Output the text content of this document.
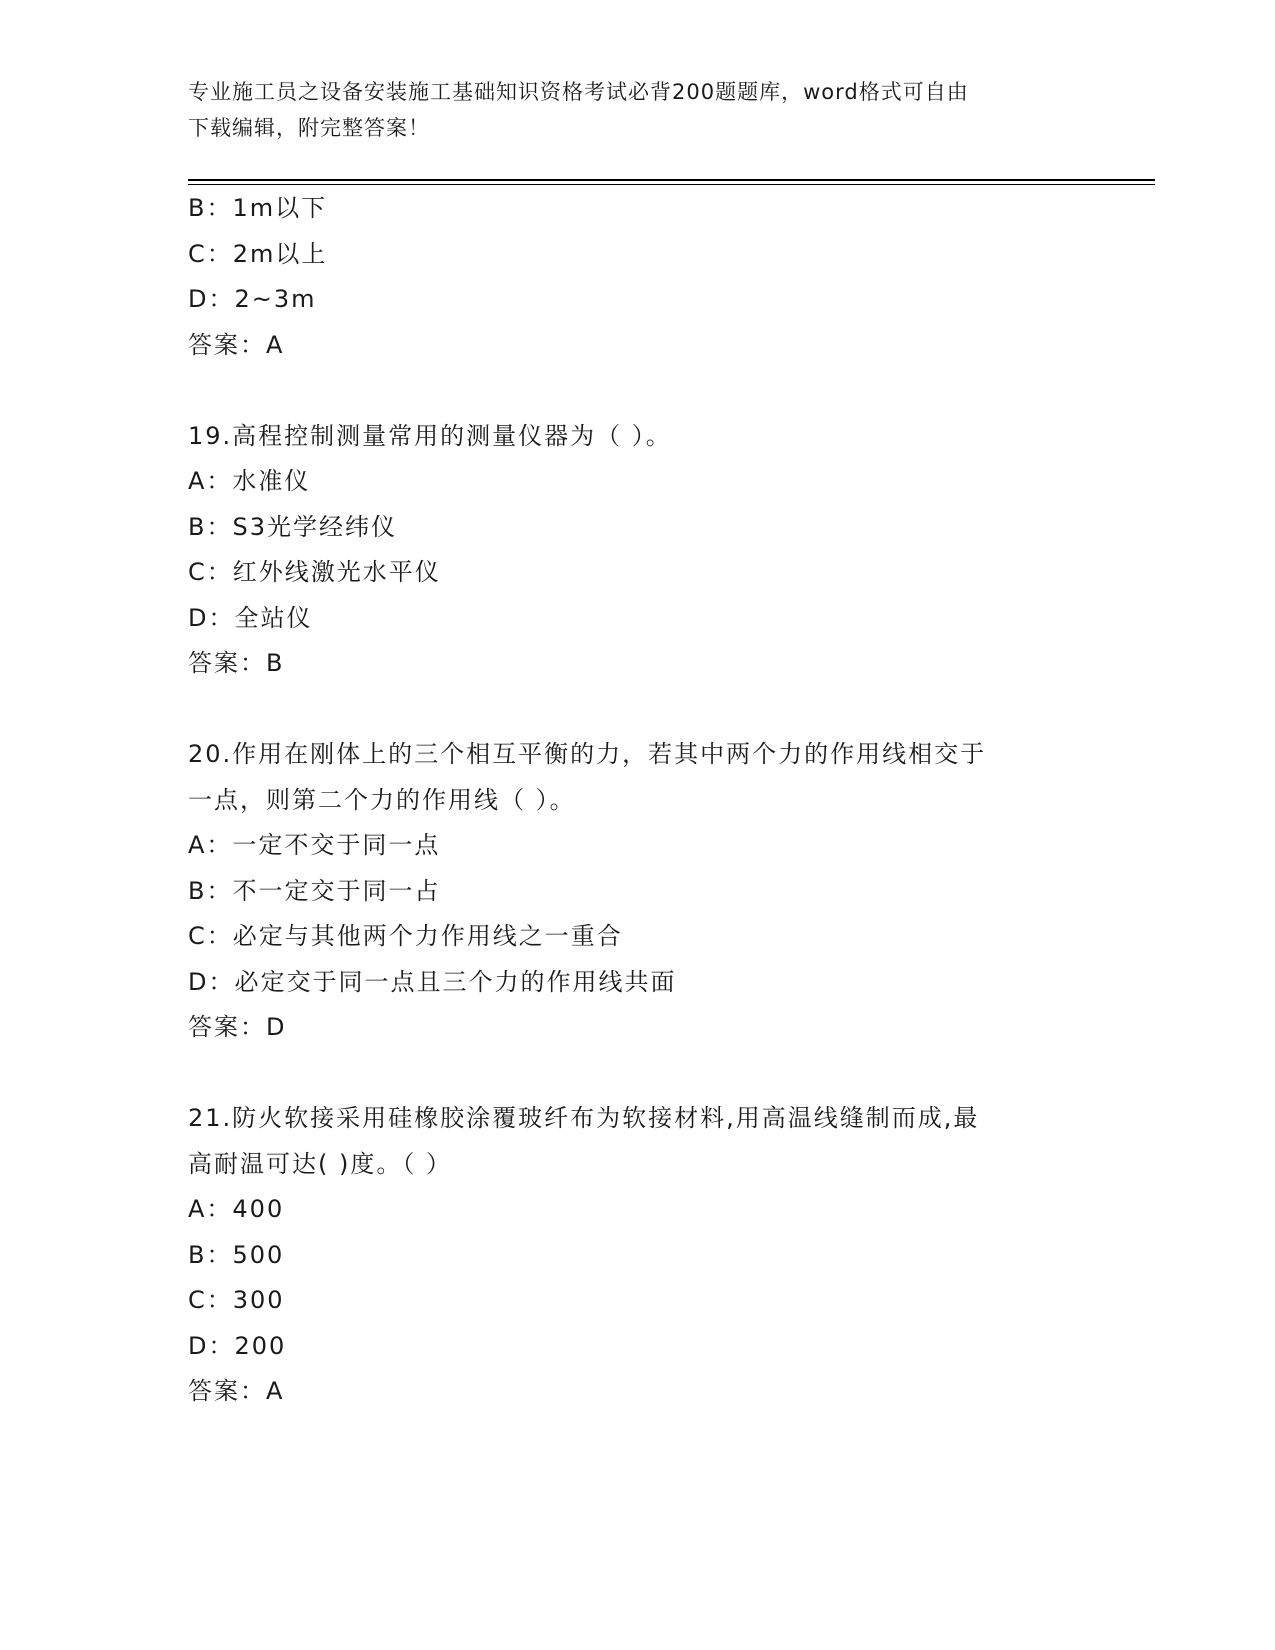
专业施工员之设备安装施工基础知识资格考试必背200题题库，word格式可自由
下载编辑，附完整答案！
B：1m以下
C：2m以上
D：2~3m
答案：A
19.高程控制测量常用的测量仪器为（ ）。
A：水准仪
B：S3光学经纬仪
C：红外线激光水平仪
D：全站仪
答案：B
20.作用在刚体上的三个相互平衡的力，若其中两个力的作用线相交于
一点，则第二个力的作用线（ ）。
A：一定不交于同一点
B：不一定交于同一占
C：必定与其他两个力作用线之一重合
D：必定交于同一点且三个力的作用线共面
答案：D
21.防火软接采用硅橡胶涂覆玻纤布为软接材料,用高温线缝制而成,最
高耐温可达( )度。（ ）
A：400
B：500
C：300
D：200
答案：A
